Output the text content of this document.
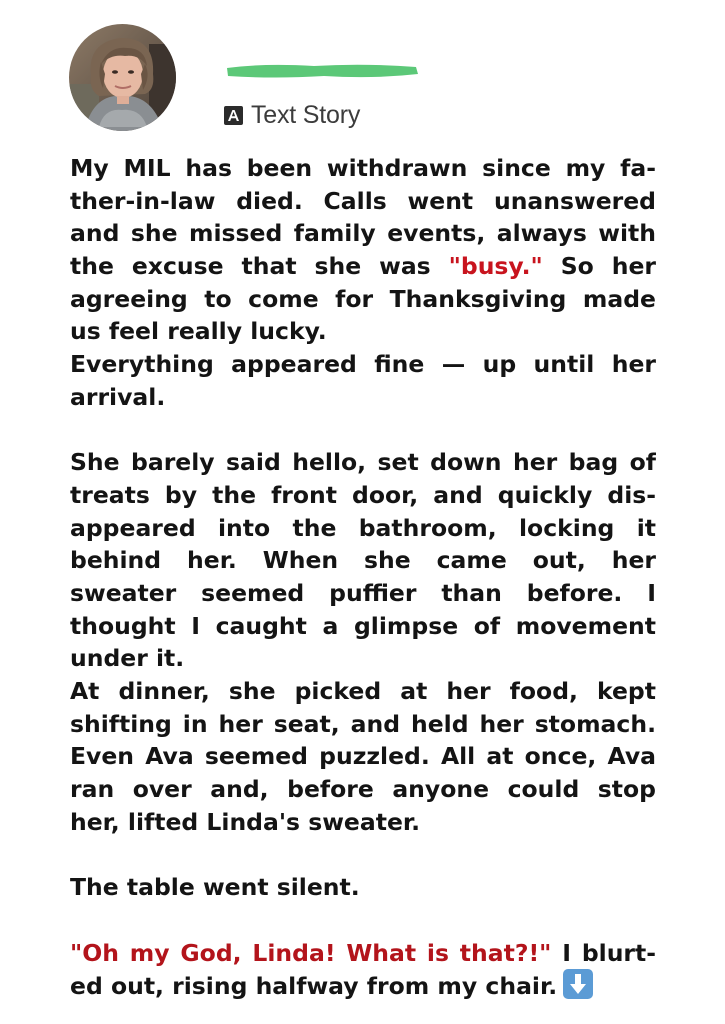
Text Story
My MIL has been withdrawn since my fa-
ther-in-law died. Calls went unanswered
and she missed family events, always with
the excuse that she was "busy." So her
agreeing to come for Thanksgiving made
us feel really lucky.
Everything appeared fine — up until her
arrival.
She barely said hello, set down her bag of
treats by the front door, and quickly dis-
appeared into the bathroom, locking it
behind her. When she came out, her
sweater seemed puffier than before. I
thought I caught a glimpse of movement
under it.
At dinner, she picked at her food, kept
shifting in her seat, and held her stomach.
Even Ava seemed puzzled. All at once, Ava
ran over and, before anyone could stop
her, lifted Linda's sweater.
The table went silent.
"Oh my God, Linda! What is that?!" I blurt-
ed out, rising halfway from my chair.
